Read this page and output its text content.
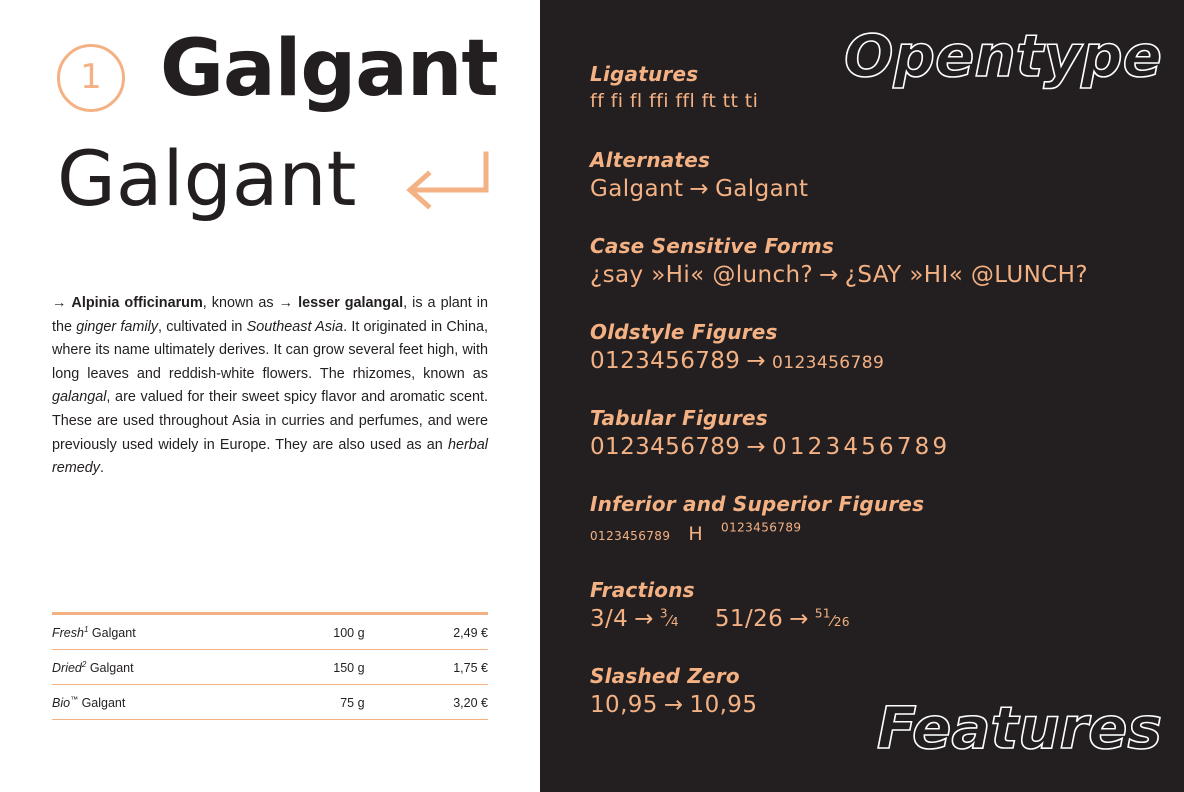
1 Galgant
Galgant
→ Alpinia officinarum, known as → lesser galangal, is a plant in the ginger family, cultivated in Southeast Asia. It originated in China, where its name ultimately derives. It can grow several feet high, with long leaves and reddish-white flowers. The rhizomes, known as galangal, are valued for their sweet spicy flavor and aromatic scent. These are used throughout Asia in curries and perfumes, and were previously used widely in Europe. They are also used as an herbal remedy.

Fresh$^1$ Galgant	100 g	2,49 €
Dried$^2$ Galgant	150 g	1,75 €
Bio™ Galgant	75 g	3,20 €
Opentype
Features
Ligatures
ff fi fl ffi ffl ft tt ti
Alternates
Galgant → Galgant
Case Sensitive Forms
¿say »Hi« @lunch? → ¿SAY »HI« @LUNCH?
Oldstyle Figures
0123456789 → 0123456789
Tabular Figures
0123456789 → 0123456789
Inferior and Superior Figures
0123456789 H $^{0123456789}$
Fractions
3/4 → $^3$⁄4 51/26 → $^{51}$⁄26
Slashed Zero
10,95 → 10,95
